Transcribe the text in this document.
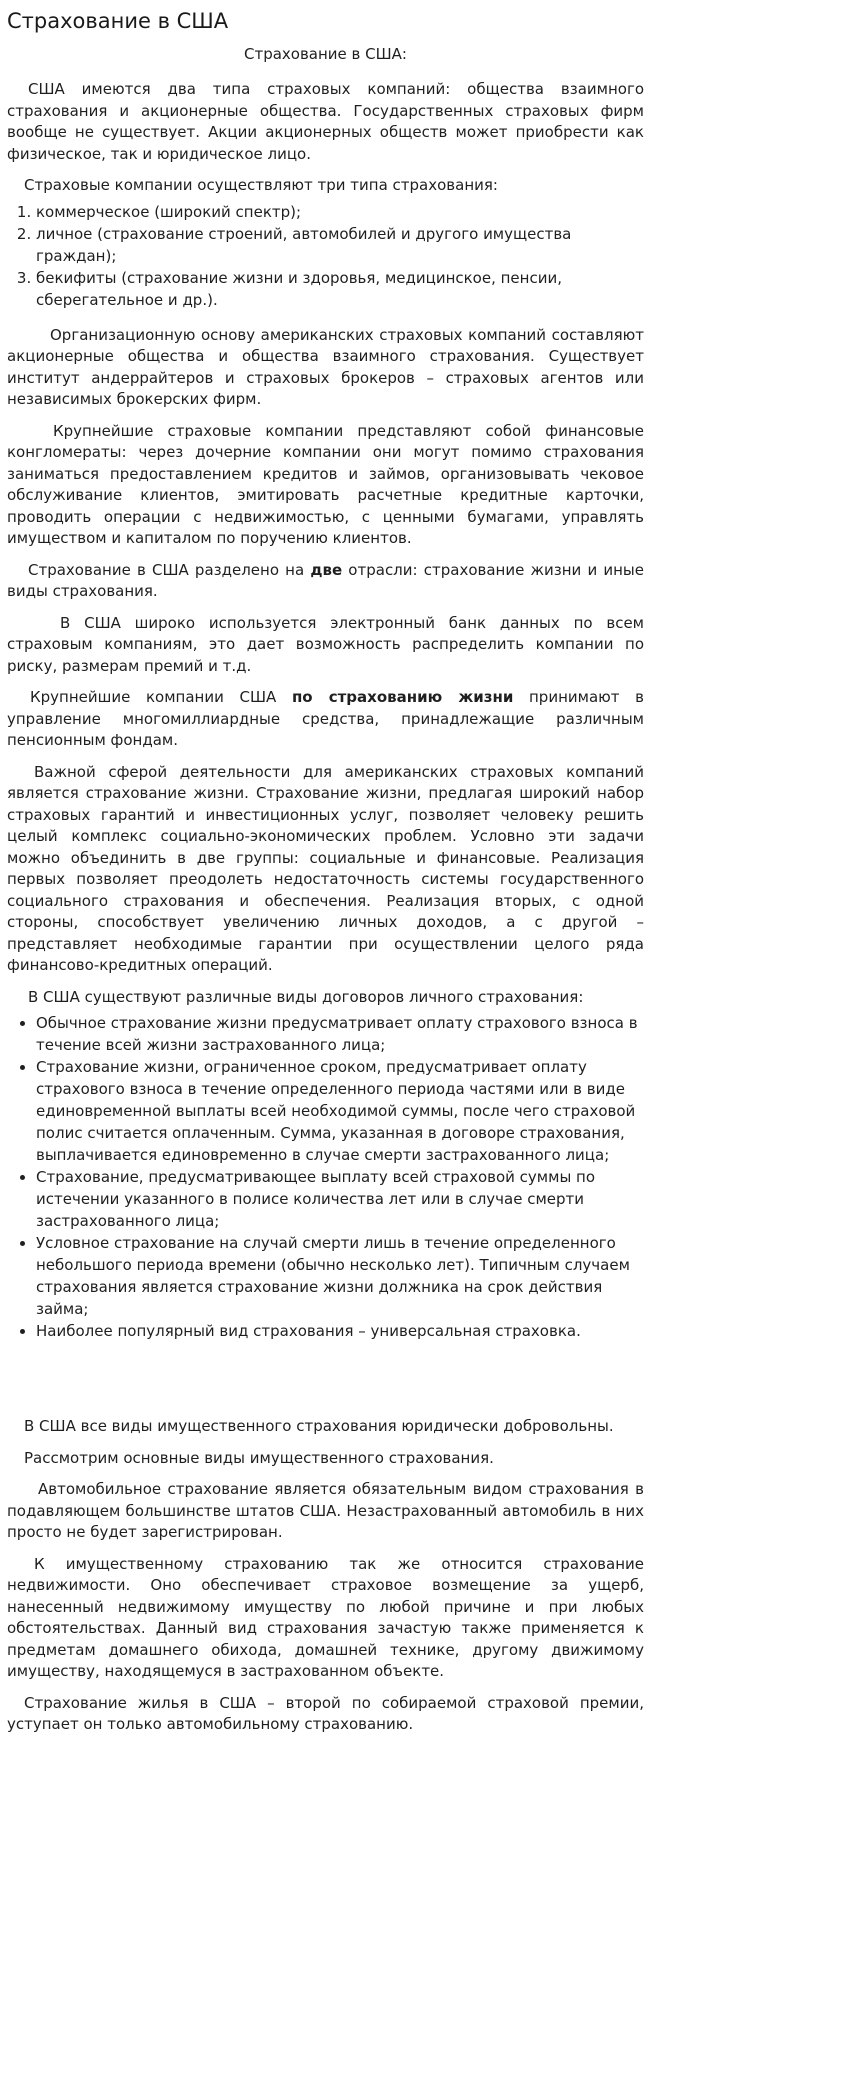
Страхование в США
Страхование в США:

США имеются два типа страховых компаний: общества взаимного страхования и акционерные общества. Государственных страховых фирм вообще не существует. Акции акционерных обществ может приобрести как физическое, так и юридическое лицо.

Страховые компании осуществляют три типа страхования:

1. коммерческое (широкий спектр);
2. личное (страхование строений, автомобилей и другого имущества граждан);
3. бекифиты (страхование жизни и здоровья, медицинское, пенсии, сберегательное и др.).

Организационную основу американских страховых компаний составляют акционерные общества и общества взаимного страхования. Существует институт андеррайтеров и страховых брокеров – страховых агентов или независимых брокерских фирм.

Крупнейшие страховые компании представляют собой финансовые конгломераты: через дочерние компании они могут помимо страхования заниматься предоставлением кредитов и займов, организовывать чековое обслуживание клиентов, эмитировать расчетные кредитные карточки, проводить операции с недвижимостью, с ценными бумагами, управлять имуществом и капиталом по поручению клиентов.

Страхование в США разделено на две отрасли: страхование жизни и иные виды страхования.

В США широко используется электронный банк данных по всем страховым компаниям, это дает возможность распределить компании по риску, размерам премий и т.д.

Крупнейшие компании США по страхованию жизни принимают в управление многомиллиардные средства, принадлежащие различным пенсионным фондам.

Важной сферой деятельности для американских страховых компаний является страхование жизни. Страхование жизни, предлагая широкий набор страховых гарантий и инвестиционных услуг, позволяет человеку решить целый комплекс социально-экономических проблем. Условно эти задачи можно объединить в две группы: социальные и финансовые. Реализация первых позволяет преодолеть недостаточность системы государственного социального страхования и обеспечения. Реализация вторых, с одной стороны, способствует увеличению личных доходов, а с другой – представляет необходимые гарантии при осуществлении целого ряда финансово-кредитных операций.

В США существуют различные виды договоров личного страхования:

• Обычное страхование жизни предусматривает оплату страхового взноса в течение всей жизни застрахованного лица;
• Страхование жизни, ограниченное сроком, предусматривает оплату страхового взноса в течение определенного периода частями или в виде единовременной выплаты всей необходимой суммы, после чего страховой полис считается оплаченным. Сумма, указанная в договоре страхования, выплачивается единовременно в случае смерти застрахованного лица;
• Страхование, предусматривающее выплату всей страховой суммы по истечении указанного в полисе количества лет или в случае смерти застрахованного лица;
• Условное страхование на случай смерти лишь в течение определенного небольшого периода времени (обычно несколько лет). Типичным случаем страхования является страхование жизни должника на срок действия займа;
• Наиболее популярный вид страхования – универсальная страховка.

В США все виды имущественного страхования юридически добровольны.

Рассмотрим основные виды имущественного страхования.

Автомобильное страхование является обязательным видом страхования в подавляющем большинстве штатов США. Незастрахованный автомобиль в них просто не будет зарегистрирован.

К имущественному страхованию так же относится страхование недвижимости. Оно обеспечивает страховое возмещение за ущерб, нанесенный недвижимому имуществу по любой причине и при любых обстоятельствах. Данный вид страхования зачастую также применяется к предметам домашнего обихода, домашней технике, другому движимому имуществу, находящемуся в застрахованном объекте.

Страхование жилья в США – второй по собираемой страховой премии, уступает он только автомобильному страхованию.
